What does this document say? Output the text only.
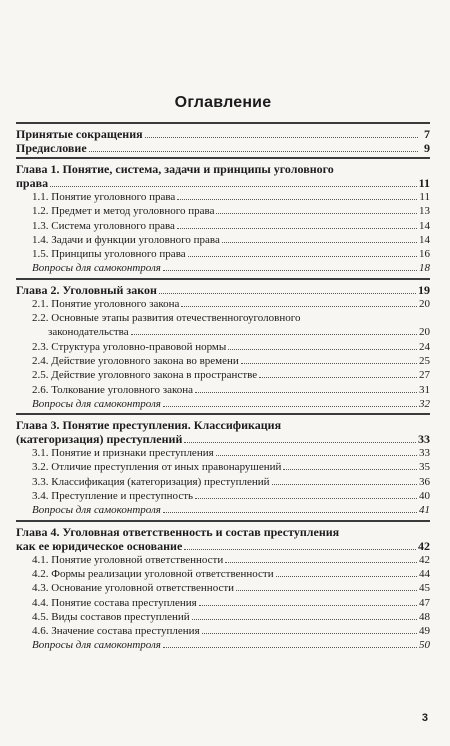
Оглавление
Принятые сокращения	7
Предисловие	9
Глава 1. Понятие, система, задачи и принципы уголовного
права	11
1.1. Понятие уголовного права	11
1.2. Предмет и метод уголовного права	13
1.3. Система уголовного права	14
1.4. Задачи и функции уголовного права	14
1.5. Принципы уголовного права	16
Вопросы для самоконтроля	18
Глава 2. Уголовный закон	19
2.1. Понятие уголовного закона	20
2.2. Основные этапы развития отечественногоуголовного
законодательства	20
2.3. Структура уголовно-правовой нормы	24
2.4. Действие уголовного закона во времени	25
2.5. Действие уголовного закона в пространстве	27
2.6. Толкование уголовного закона	31
Вопросы для самоконтроля	32
Глава 3. Понятие преступления. Классификация
(категоризация) преступлений	33
3.1. Понятие и признаки преступления	33
3.2. Отличие преступления от иных правонарушений	35
3.3. Классификация (категоризация) преступлений	36
3.4. Преступление и преступность	40
Вопросы для самоконтроля	41
Глава 4. Уголовная ответственность и состав преступления
как ее юридическое основание	42
4.1. Понятие уголовной ответственности	42
4.2. Формы реализации уголовной ответственности	44
4.3. Основание уголовной ответственности	45
4.4. Понятие состава преступления	47
4.5. Виды составов преступлений	48
4.6. Значение состава преступления	49
Вопросы для самоконтроля	50
3
